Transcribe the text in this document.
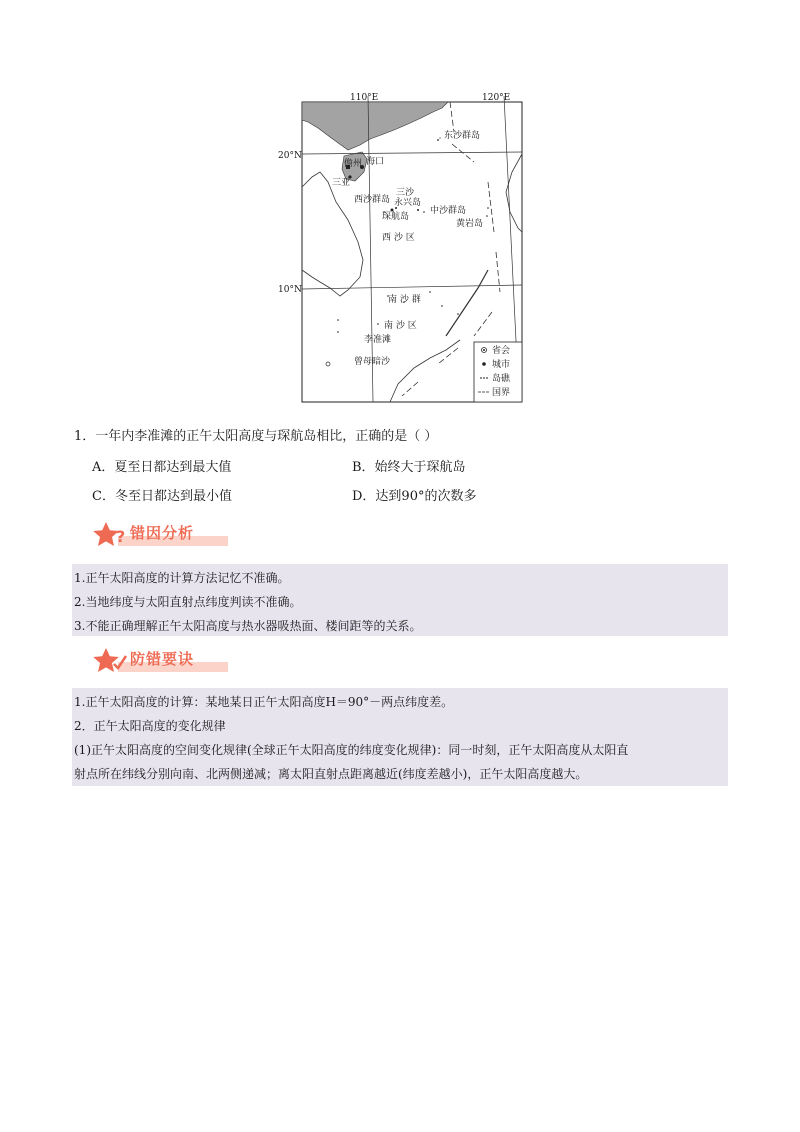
110°E	120°E
20°N
10°N
东沙群岛
儋州 海口
三亚
三沙
西沙群岛 永兴岛
中沙群岛
琛航岛
黄岩岛
西 沙 区
南 沙 群
南 沙 区
李准滩
曾母暗沙
省会
城市
岛礁
国界
1．一年内李准滩的正午太阳高度与琛航岛相比，正确的是（ ）
A．夏至日都达到最大值	B．始终大于琛航岛
C．冬至日都达到最小值	D．达到90°的次数多
? 错因分析
1.正午太阳高度的计算方法记忆不准确。
2.当地纬度与太阳直射点纬度判读不准确。
3.不能正确理解正午太阳高度与热水器吸热面、楼间距等的关系。
防错要诀
1.正午太阳高度的计算：某地某日正午太阳高度H＝90°－两点纬度差。
2．正午太阳高度的变化规律
(1)正午太阳高度的空间变化规律(全球正午太阳高度的纬度变化规律)：同一时刻，正午太阳高度从太阳直
射点所在纬线分别向南、北两侧递减；离太阳直射点距离越近(纬度差越小)，正午太阳高度越大。
